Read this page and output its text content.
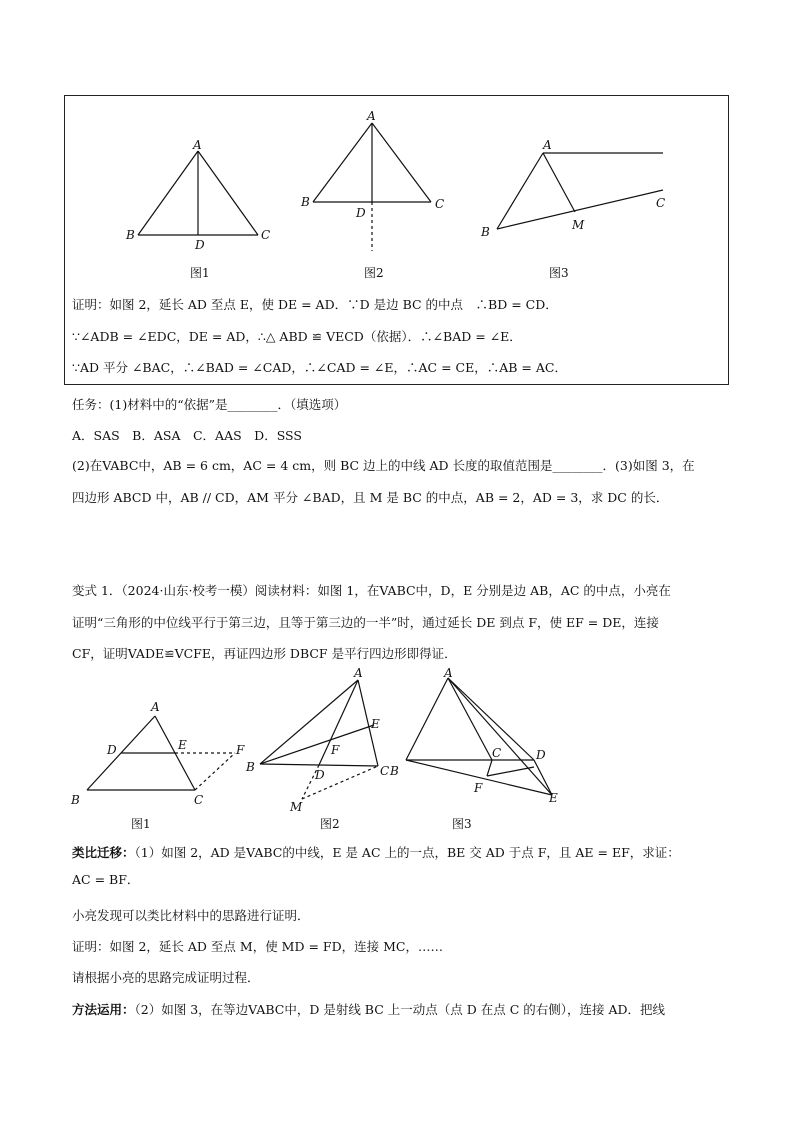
A
B	C
D
图1
A
B	C
D
图2
A
B
C
M
图3
证明：如图 2，延长 AD 至点 E，使 DE = AD．∵D 是边 BC 的中点　∴BD = CD．
∵∠ADB = ∠EDC，DE = AD，∴△ ABD ≌ VECD（依据）．∴∠BAD = ∠E．
∵AD 平分 ∠BAC，∴∠BAD = ∠CAD，∴∠CAD = ∠E，∴AC = CE，∴AB = AC．
任务：(1)材料中的“依据”是________．（填选项）
A．SAS　B．ASA　C．AAS　D．SSS
(2)在VABC中，AB = 6 cm，AC = 4 cm，则 BC 边上的中线 AD 长度的取值范围是________．(3)如图 3，在
四边形 ABCD 中，AB // CD，AM 平分 ∠BAD，且 M 是 BC 的中点，AB = 2，AD = 3，求 DC 的长．
变式 1．（2024·山东·校考一模）阅读材料：如图 1，在VABC中，D，E 分别是边 AB，AC 的中点，小亮在
证明“三角形的中位线平行于第三边，且等于第三边的一半”时，通过延长 DE 到点 F，使 EF = DE，连接
CF，证明VADE≌VCFE，再证四边形 DBCF 是平行四边形即得证．
A
B	C
D	E	F
图1
A
B	C
D
E
F
M
图2
A
B
C	D
E
F
图3
类比迁移：（1）如图 2，AD 是VABC的中线，E 是 AC 上的一点，BE 交 AD 于点 F，且 AE = EF，求证：
AC = BF．
小亮发现可以类比材料中的思路进行证明．
证明：如图 2，延长 AD 至点 M，使 MD = FD，连接 MC，……
请根据小亮的思路完成证明过程．
方法运用：（2）如图 3，在等边VABC中，D 是射线 BC 上一动点（点 D 在点 C 的右侧），连接 AD．把线
